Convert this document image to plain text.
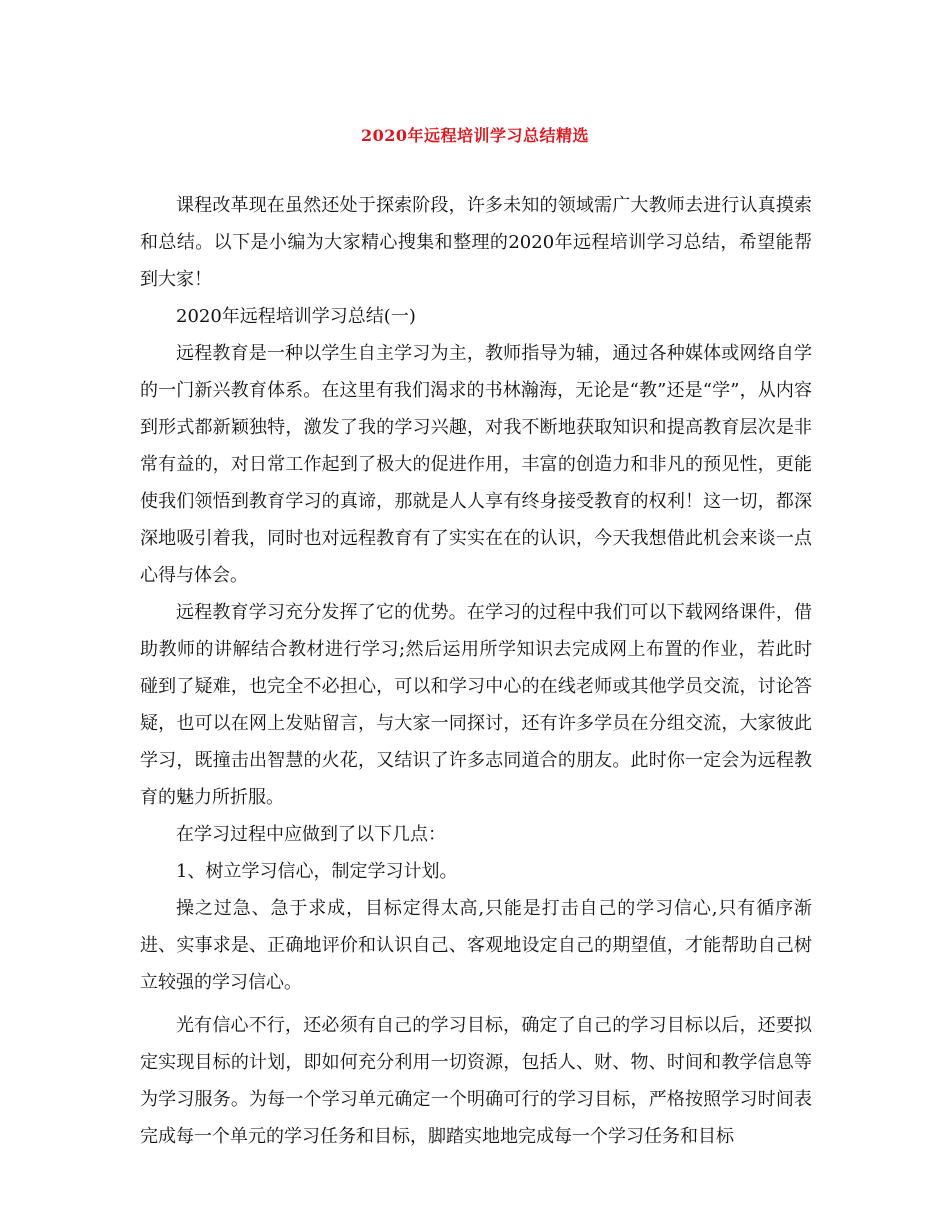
2020年远程培训学习总结精选

课程改革现在虽然还处于探索阶段，许多未知的领域需广大教师去进行认真摸索和总结。以下是小编为大家精心搜集和整理的2020年远程培训学习总结，希望能帮到大家！

2020年远程培训学习总结(一)

远程教育是一种以学生自主学习为主，教师指导为辅，通过各种媒体或网络自学的一门新兴教育体系。在这里有我们渴求的书林瀚海，无论是“教”还是“学”，从内容到形式都新颖独特，激发了我的学习兴趣，对我不断地获取知识和提高教育层次是非常有益的，对日常工作起到了极大的促进作用，丰富的创造力和非凡的预见性，更能使我们领悟到教育学习的真谛，那就是人人享有终身接受教育的权利！这一切，都深深地吸引着我，同时也对远程教育有了实实在在的认识，今天我想借此机会来谈一点心得与体会。

远程教育学习充分发挥了它的优势。在学习的过程中我们可以下载网络课件，借助教师的讲解结合教材进行学习;然后运用所学知识去完成网上布置的作业，若此时碰到了疑难，也完全不必担心，可以和学习中心的在线老师或其他学员交流，讨论答疑，也可以在网上发贴留言，与大家一同探讨，还有许多学员在分组交流，大家彼此学习，既撞击出智慧的火花，又结识了许多志同道合的朋友。此时你一定会为远程教育的魅力所折服。

在学习过程中应做到了以下几点：

1、树立学习信心，制定学习计划。

操之过急、急于求成，目标定得太高,只能是打击自己的学习信心,只有循序渐进、实事求是、正确地评价和认识自己、客观地设定自己的期望值，才能帮助自己树立较强的学习信心。

光有信心不行，还必须有自己的学习目标，确定了自己的学习目标以后，还要拟定实现目标的计划，即如何充分利用一切资源，包括人、财、物、时间和教学信息等为学习服务。为每一个学习单元确定一个明确可行的学习目标，严格按照学习时间表完成每一个单元的学习任务和目标，脚踏实地地完成每一个学习任务和目标
